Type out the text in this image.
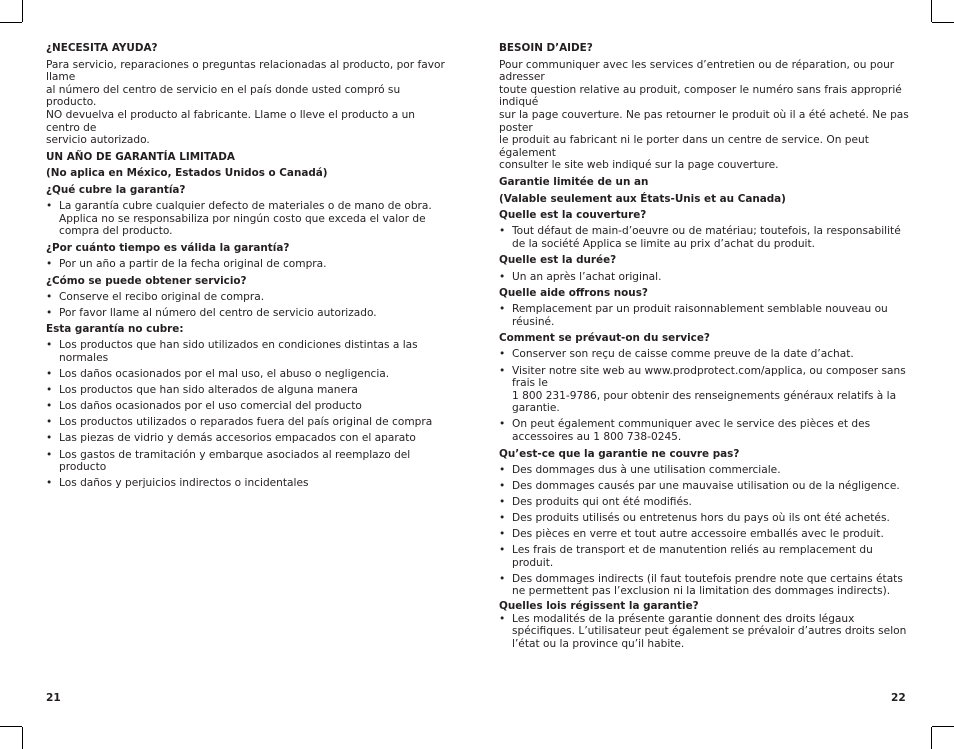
¿NECESITA AYUDA?

Para servicio, reparaciones o preguntas relacionadas al producto, por favor llame
al número del centro de servicio en el país donde usted compró su producto.
NO devuelva el producto al fabricante. Llame o lleve el producto a un centro de
servicio autorizado.

UN AÑO DE GARANTÍA LIMITADA

(No aplica en México, Estados Unidos o Canadá)

¿Qué cubre la garantía?

• La garantía cubre cualquier defecto de materiales o de mano de obra. Applica no se responsabiliza por ningún costo que exceda el valor de compra del producto.

¿Por cuánto tiempo es válida la garantía?

• Por un año a partir de la fecha original de compra.

¿Cómo se puede obtener servicio?

• Conserve el recibo original de compra.
• Por favor llame al número del centro de servicio autorizado.

Esta garantía no cubre:

• Los productos que han sido utilizados en condiciones distintas a las normales
• Los daños ocasionados por el mal uso, el abuso o negligencia.
• Los productos que han sido alterados de alguna manera
• Los daños ocasionados por el uso comercial del producto
• Los productos utilizados o reparados fuera del país original de compra
• Las piezas de vidrio y demás accesorios empacados con el aparato
• Los gastos de tramitación y embarque asociados al reemplazo del producto
• Los daños y perjuicios indirectos o incidentales
21

BESOIN D’AIDE?

Pour communiquer avec les services d’entretien ou de réparation, ou pour adresser
toute question relative au produit, composer le numéro sans frais approprié indiqué
sur la page couverture. Ne pas retourner le produit où il a été acheté. Ne pas poster
le produit au fabricant ni le porter dans un centre de service. On peut également
consulter le site web indiqué sur la page couverture.

Garantie limitée de un an

(Valable seulement aux États-Unis et au Canada)

Quelle est la couverture?

• Tout défaut de main-d’oeuvre ou de matériau; toutefois, la responsabilité de la société Applica se limite au prix d’achat du produit.

Quelle est la durée?

• Un an après l’achat original.

Quelle aide offrons nous?

• Remplacement par un produit raisonnablement semblable nouveau ou réusiné.

Comment se prévaut-on du service?

• Conserver son reçu de caisse comme preuve de la date d’achat.
• Visiter notre site web au www.prodprotect.com/applica, ou composer sans frais le
1 800 231-9786, pour obtenir des renseignements généraux relatifs à la garantie.
• On peut également communiquer avec le service des pièces et des accessoires au 1 800 738-0245.

Qu’est-ce que la garantie ne couvre pas?

• Des dommages dus à une utilisation commerciale.
• Des dommages causés par une mauvaise utilisation ou de la négligence.
• Des produits qui ont été modifiés.
• Des produits utilisés ou entretenus hors du pays où ils ont été achetés.
• Des pièces en verre et tout autre accessoire emballés avec le produit.
• Les frais de transport et de manutention reliés au remplacement du produit.
• Des dommages indirects (il faut toutefois prendre note que certains états ne permettent pas l’exclusion ni la limitation des dommages indirects).

Quelles lois régissent la garantie?

• Les modalités de la présente garantie donnent des droits légaux spécifiques. L’utilisateur peut également se prévaloir d’autres droits selon l’état ou la province qu’il habite.
22
